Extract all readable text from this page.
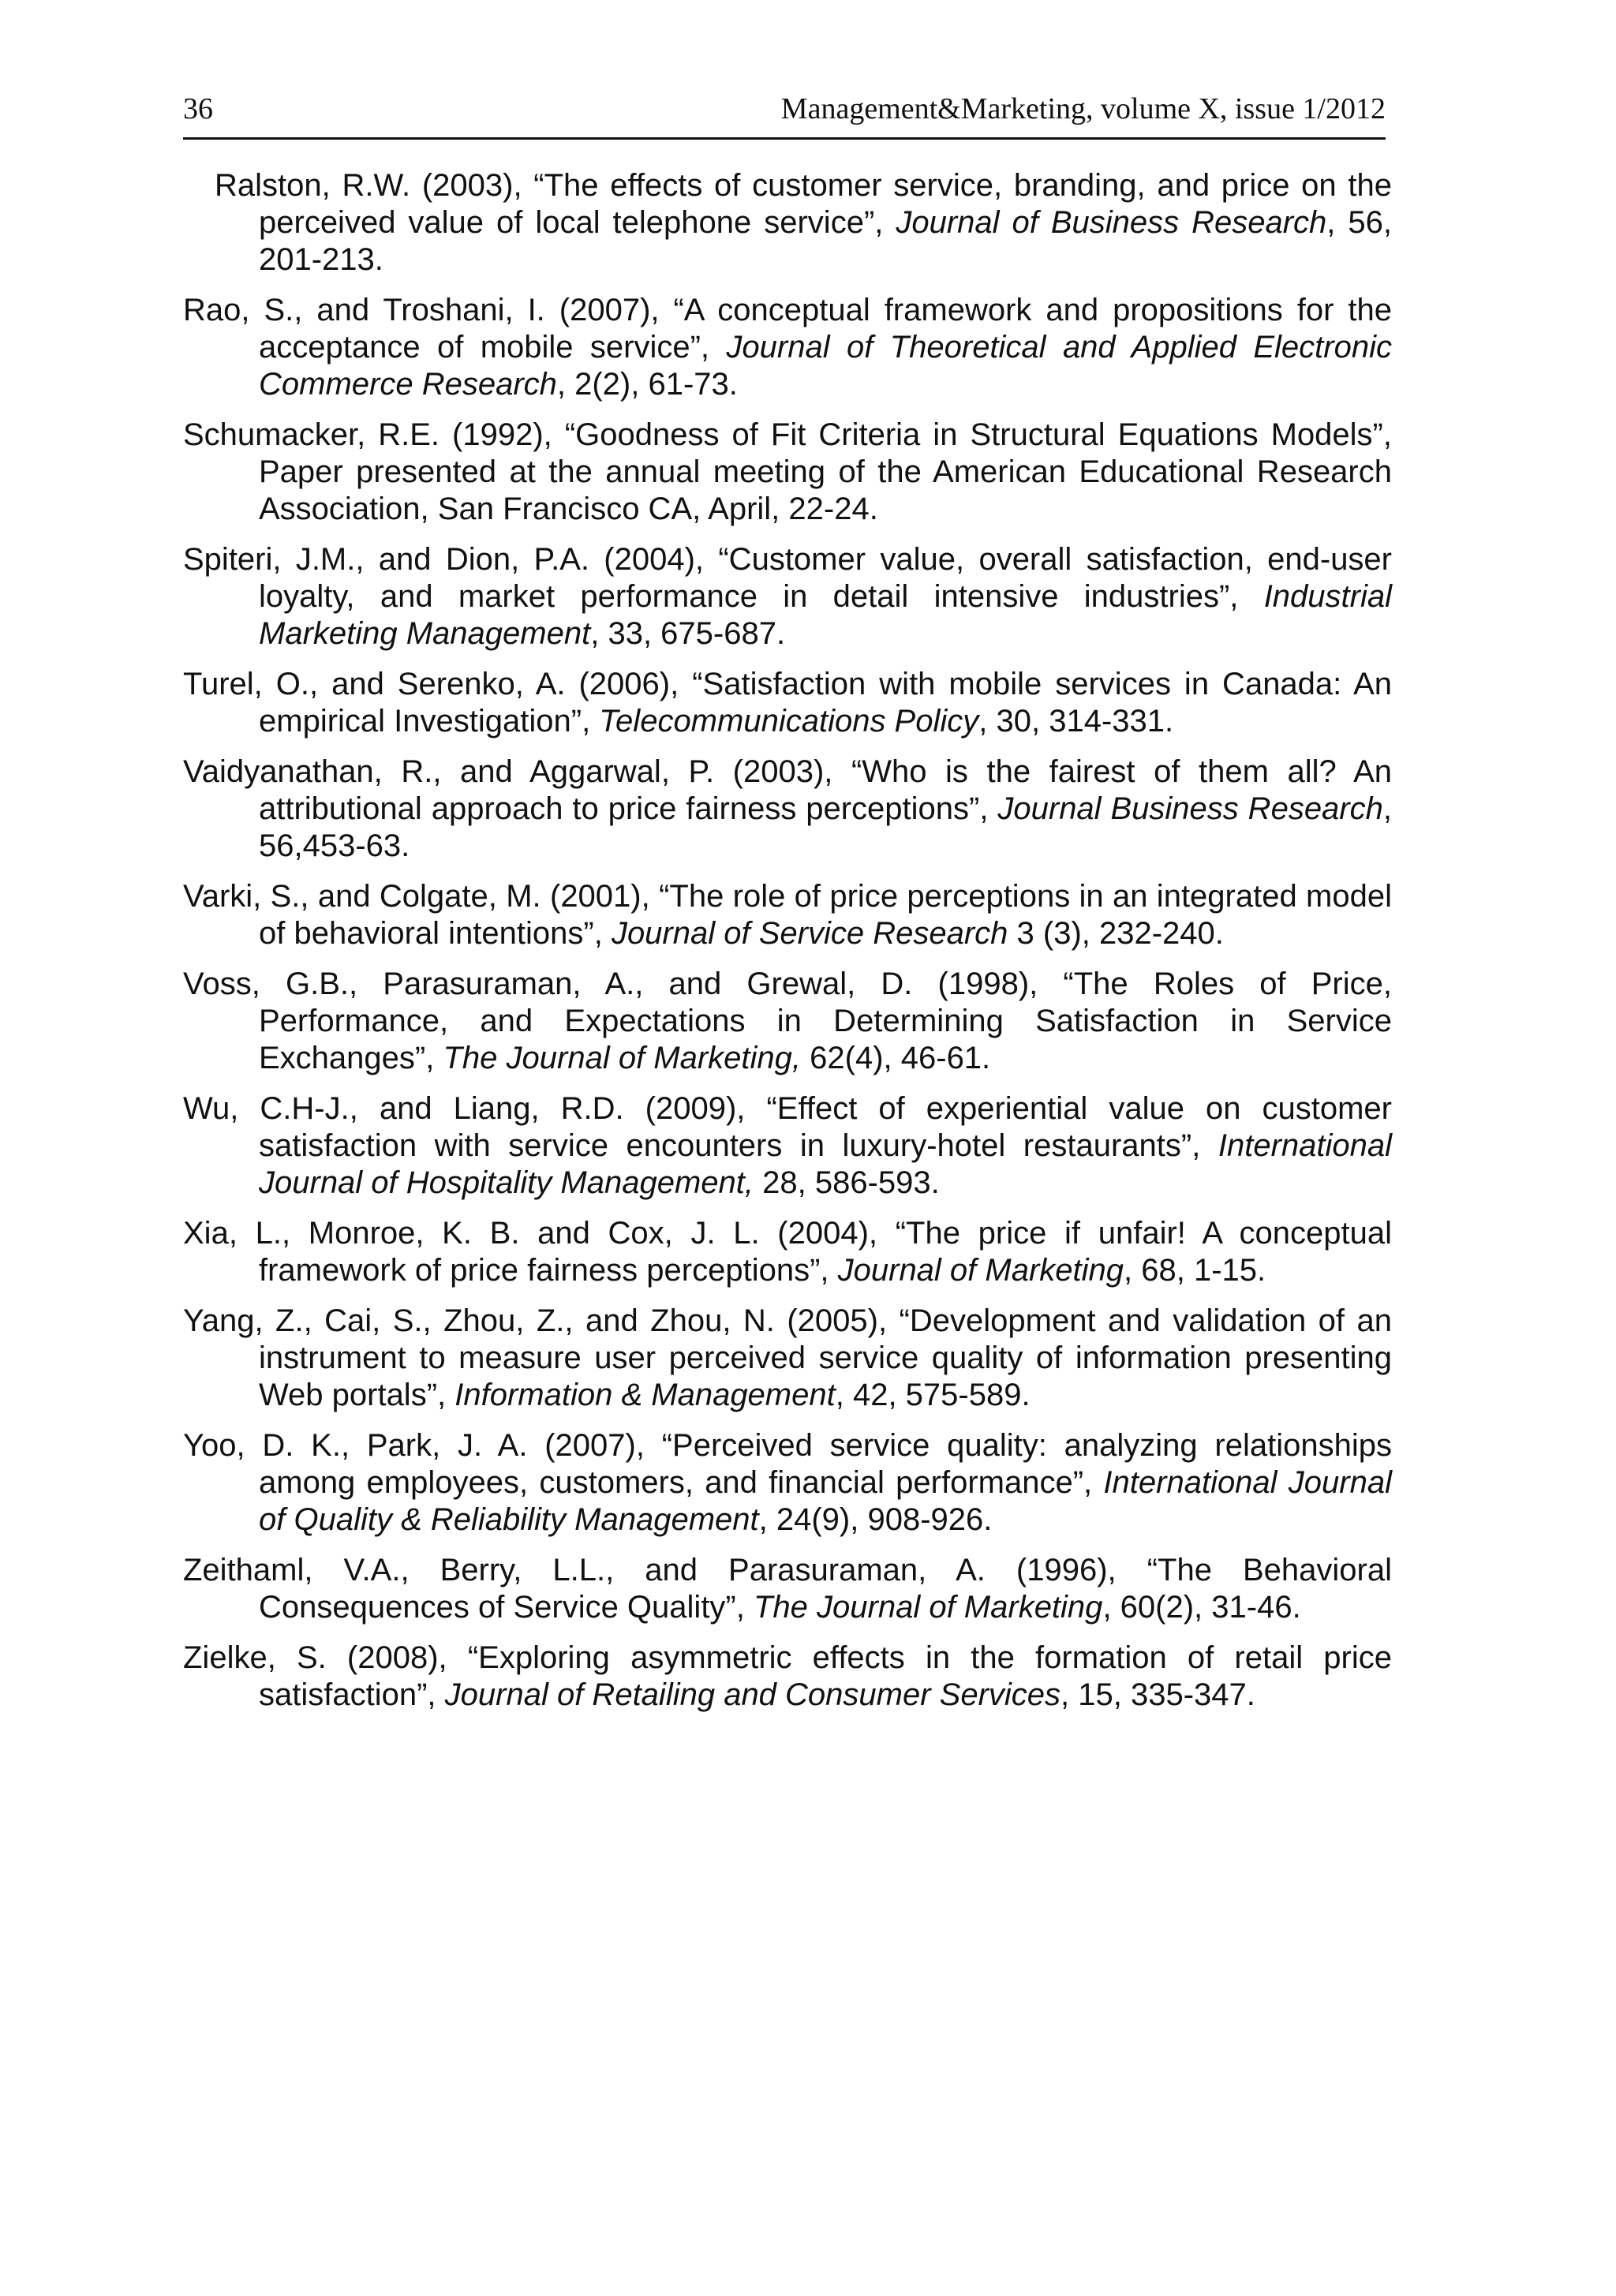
36	Management&Marketing, volume X, issue 1/2012

Ralston, R.W. (2003), “The effects of customer service, branding, and price on the perceived value of local telephone service”, Journal of Business Research, 56, 201-213.

Rao, S., and Troshani, I. (2007), “A conceptual framework and propositions for the acceptance of mobile service”, Journal of Theoretical and Applied Electronic Commerce Research, 2(2), 61-73.

Schumacker, R.E. (1992), “Goodness of Fit Criteria in Structural Equations Models”, Paper presented at the annual meeting of the American Educational Research Association, San Francisco CA, April, 22-24.

Spiteri, J.M., and Dion, P.A. (2004), “Customer value, overall satisfaction, end-user loyalty, and market performance in detail intensive industries”, Industrial Marketing Management, 33, 675-687.

Turel, O., and Serenko, A. (2006), “Satisfaction with mobile services in Canada: An empirical Investigation”, Telecommunications Policy, 30, 314-331.

Vaidyanathan, R., and Aggarwal, P. (2003), “Who is the fairest of them all? An attributional approach to price fairness perceptions”, Journal Business Research, 56,453-63.

Varki, S., and Colgate, M. (2001), “The role of price perceptions in an integrated model of behavioral intentions”, Journal of Service Research 3 (3), 232-240.

Voss, G.B., Parasuraman, A., and Grewal, D. (1998), “The Roles of Price, Performance, and Expectations in Determining Satisfaction in Service Exchanges”, The Journal of Marketing, 62(4), 46-61.

Wu, C.H-J., and Liang, R.D. (2009), “Effect of experiential value on customer satisfaction with service encounters in luxury-hotel restaurants”, International Journal of Hospitality Management, 28, 586-593.

Xia, L., Monroe, K. B. and Cox, J. L. (2004), “The price if unfair! A conceptual framework of price fairness perceptions”, Journal of Marketing, 68, 1-15.

Yang, Z., Cai, S., Zhou, Z., and Zhou, N. (2005), “Development and validation of an instrument to measure user perceived service quality of information presenting Web portals”, Information & Management, 42, 575-589.

Yoo, D. K., Park, J. A. (2007), “Perceived service quality: analyzing relationships among employees, customers, and financial performance”, International Journal of Quality & Reliability Management, 24(9), 908-926.

Zeithaml, V.A., Berry, L.L., and Parasuraman, A. (1996), “The Behavioral Consequences of Service Quality”, The Journal of Marketing, 60(2), 31-46.

Zielke, S. (2008), “Exploring asymmetric effects in the formation of retail price satisfaction”, Journal of Retailing and Consumer Services, 15, 335-347.
